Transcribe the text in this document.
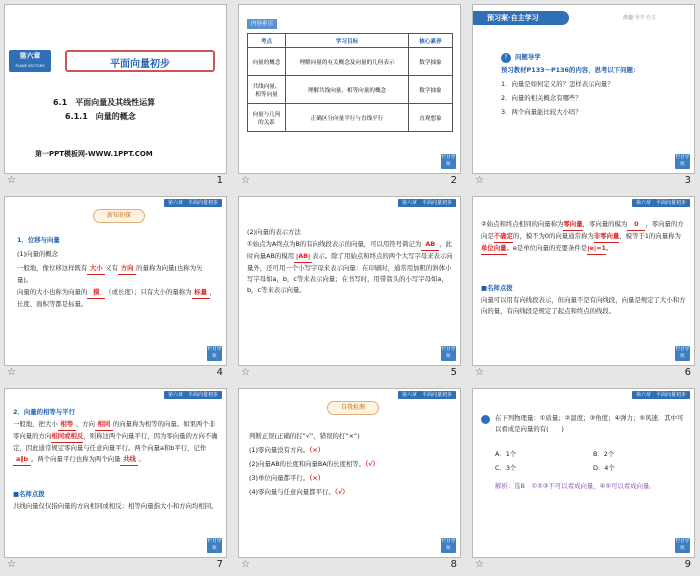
第六章
PLANE VECTORS	平面向量初步
6.1　平面向量及其线性运算
6.1.1　向量的概念
第一PPT模板网-WWW.1PPT.COM
☆	1
内容索引
考点	学习目标	核心素养
向量的概念	理解向量的有关概念及向量的几何表示	数学抽象
共线向量、相等向量	理解共线向量、相等向量的概念	数学抽象
向量与几何的关系	正确区分向量平行与直线平行	直观想象
栏目导航
☆	2
预习案·自主学习	激趣·导学·自主
?	问题导学
预习教材P133～P136的内容，思考以下问题：
1．向量是如何定义的？怎样表示向量？
2．向量的相关概念有哪些？
3．两个向量能比较大小吗？
栏目导航
☆	3
第六章　平面向量初步
新知初探
1．位移与向量
(1)向量的概念
一般地，像位移这样既有 大小 又有 方向 的量称为向量(也称为矢量)。
向量的大小也称为向量的 模 （或长度）；只有大小的量称为 标量 ，长度、面积等都是标量。
栏目导航
☆	4
第六章　平面向量初步
(2)向量的表示方法
①始点为A终点为B的有向线段表示的向量，可以用符号简记为 AB ，此时向量AB的模用 |AB| 表示。除了用始点和终点的两个大写字母来表示向量外，还可用一个小写字母来表示向量：在印刷时，通常用加粗的斜体小写字母如a，b，c等来表示向量；在书写时，用带箭头的小写字母如a，b，c等来表示向量。
栏目导航
☆	5
第六章　平面向量初步
②始点和终点相同的向量称为零向量，零向量的模为 0 ，零向量的方向是不确定的，模不为0的向量通常称为非零向量，模等于1的向量称为单位向量。e是单位向量的充要条件是|e|=1。
■名师点拨
向量可以用有向线段表示，但向量不是有向线段，向量是规定了大小和方向的量，有向线段是规定了起点和终点的线段。
栏目导航
☆	6
第六章　平面向量初步
2．向量的相等与平行
一般地，把大小 相等 、方向 相同 的向量称为相等的向量。如果两个非零向量的方向相同或相反，则称这两个向量平行，因为零向量的方向不确定，因此通常规定零向量与任意向量平行。两个向量a和b平行，记作a∥b 。两个向量平行也称为两个向量 共线 。
■名师点拨
共线向量仅仅指向量的方向相同或相反；相等向量指大小和方向均相同。
栏目导航
☆	7
第六章　平面向量初步
自我检测
判断正误(正确的打“√”，错误的打“×”)
(1)零向量没有方向。（×）
(2)向量AB的长度和向量BA的长度相等。（√）
(3)单位向量都平行。（×）
(4)零向量与任意向量都平行。（√）
栏目导航
☆	8
第六章　平面向量初步
在下列物理量：①质量；②温度；③角度；④弹力；⑤风速．其中可以看成是向量的有(　　)
A．1个	B．2个
C．3个	D．4个
解析：选B　①②③不可以看成向量，④⑤可以看成向量．
栏目导航
☆	9
